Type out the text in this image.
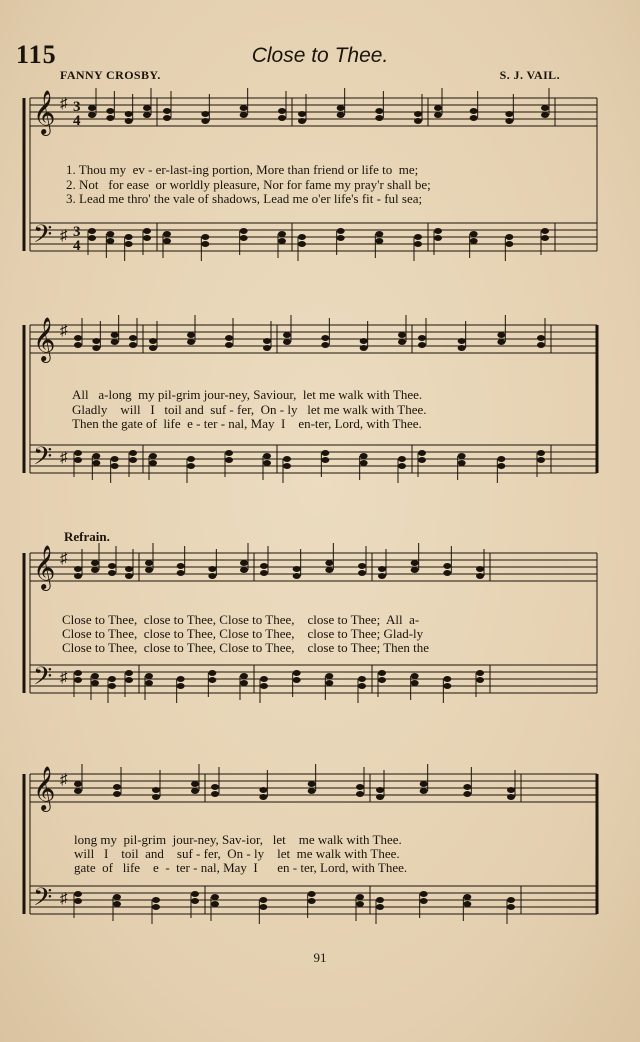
115	Close to Thee.
FANNY CROSBY.	S. J. VAIL.
𝄞
𝄢
♯
♯
3
4
3
4
𝄞
𝄢
♯
♯
𝄞
𝄢
♯
♯
𝄞
𝄢
♯
♯
1. Thou my  ev - er-last-ing portion, More than friend or life to  me;
2. Not   for ease  or worldly pleasure, Nor for fame my pray'r shall be;
3. Lead me thro' the vale of shadows, Lead me o'er life's fit - ful sea;
All   a-long  my pil-grim jour-ney, Saviour,  let me walk with Thee.
Gladly    will   I   toil and  suf - fer,  On - ly   let me walk with Thee.
Then the gate of  life  e - ter - nal, May  I    en-ter, Lord, with Thee.
Refrain.
Close to Thee,  close to Thee, Close to Thee,    close to Thee;  All  a-
Close to Thee,  close to Thee, Close to Thee,    close to Thee; Glad-ly
Close to Thee,  close to Thee, Close to Thee,    close to Thee; Then the
long my  pil-grim  jour-ney, Sav-ior,   let    me walk with Thee.
will   I    toil  and    suf - fer,  On - ly    let  me walk with Thee.
gate  of   life    e  -  ter - nal, May  I      en - ter, Lord, with Thee.
91
